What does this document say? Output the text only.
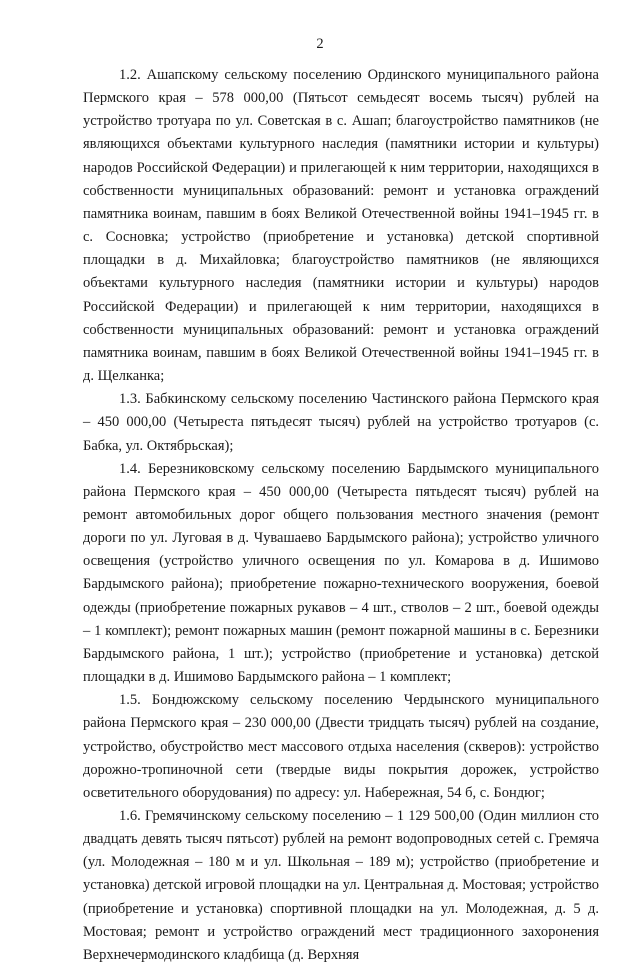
2

1.2. Ашапскому сельскому поселению Ординского муниципального района Пермского края – 578 000,00 (Пятьсот семьдесят восемь тысяч) рублей на устройство тротуара по ул. Советская в с. Ашап; благоустройство памятников (не являющихся объектами культурного наследия (памятники истории и культуры) народов Российской Федерации) и прилегающей к ним территории, находящихся в собственности муниципальных образований: ремонт и установка ограждений памятника воинам, павшим в боях Великой Отечественной войны 1941–1945 гг. в с. Сосновка; устройство (приобретение и установка) детской спортивной площадки в д. Михайловка; благоустройство памятников (не являющихся объектами культурного наследия (памятники истории и культуры) народов Российской Федерации) и прилегающей к ним территории, находящихся в собственности муниципальных образований: ремонт и установка ограждений памятника воинам, павшим в боях Великой Отечественной войны 1941–1945 гг. в д. Щелканка;

1.3. Бабкинскому сельскому поселению Частинского района Пермского края – 450 000,00 (Четыреста пятьдесят тысяч) рублей на устройство тротуаров (с. Бабка, ул. Октябрьская);

1.4. Березниковскому сельскому поселению Бардымского муниципального района Пермского края – 450 000,00 (Четыреста пятьдесят тысяч) рублей на ремонт автомобильных дорог общего пользования местного значения (ремонт дороги по ул. Луговая в д. Чувашаево Бардымского района); устройство уличного освещения (устройство уличного освещения по ул. Комарова в д. Ишимово Бардымского района); приобретение пожарно-технического вооружения, боевой одежды (приобретение пожарных рукавов – 4 шт., стволов – 2 шт., боевой одежды – 1 комплект); ремонт пожарных машин (ремонт пожарной машины в с. Березники Бардымского района, 1 шт.); устройство (приобретение и установка) детской площадки в д. Ишимово Бардымского района – 1 комплект;

1.5. Бондюжскому сельскому поселению Чердынского муниципального района Пермского края – 230 000,00 (Двести тридцать тысяч) рублей на создание, устройство, обустройство мест массового отдыха населения (скверов): устройство дорожно-тропиночной сети (твердые виды покрытия дорожек, устройство осветительного оборудования) по адресу: ул. Набережная, 54 б, с. Бондюг;

1.6. Гремячинскому сельскому поселению – 1 129 500,00 (Один миллион сто двадцать девять тысяч пятьсот) рублей на ремонт водопроводных сетей с. Гремяча (ул. Молодежная – 180 м и ул. Школьная – 189 м); устройство (приобретение и установка) детской игровой площадки на ул. Центральная д. Мостовая; устройство (приобретение и установка) спортивной площадки на ул. Молодежная, д. 5 д. Мостовая; ремонт и устройство ограждений мест традиционного захоронения Верхнечермодинского кладбища (д. Верхняя
